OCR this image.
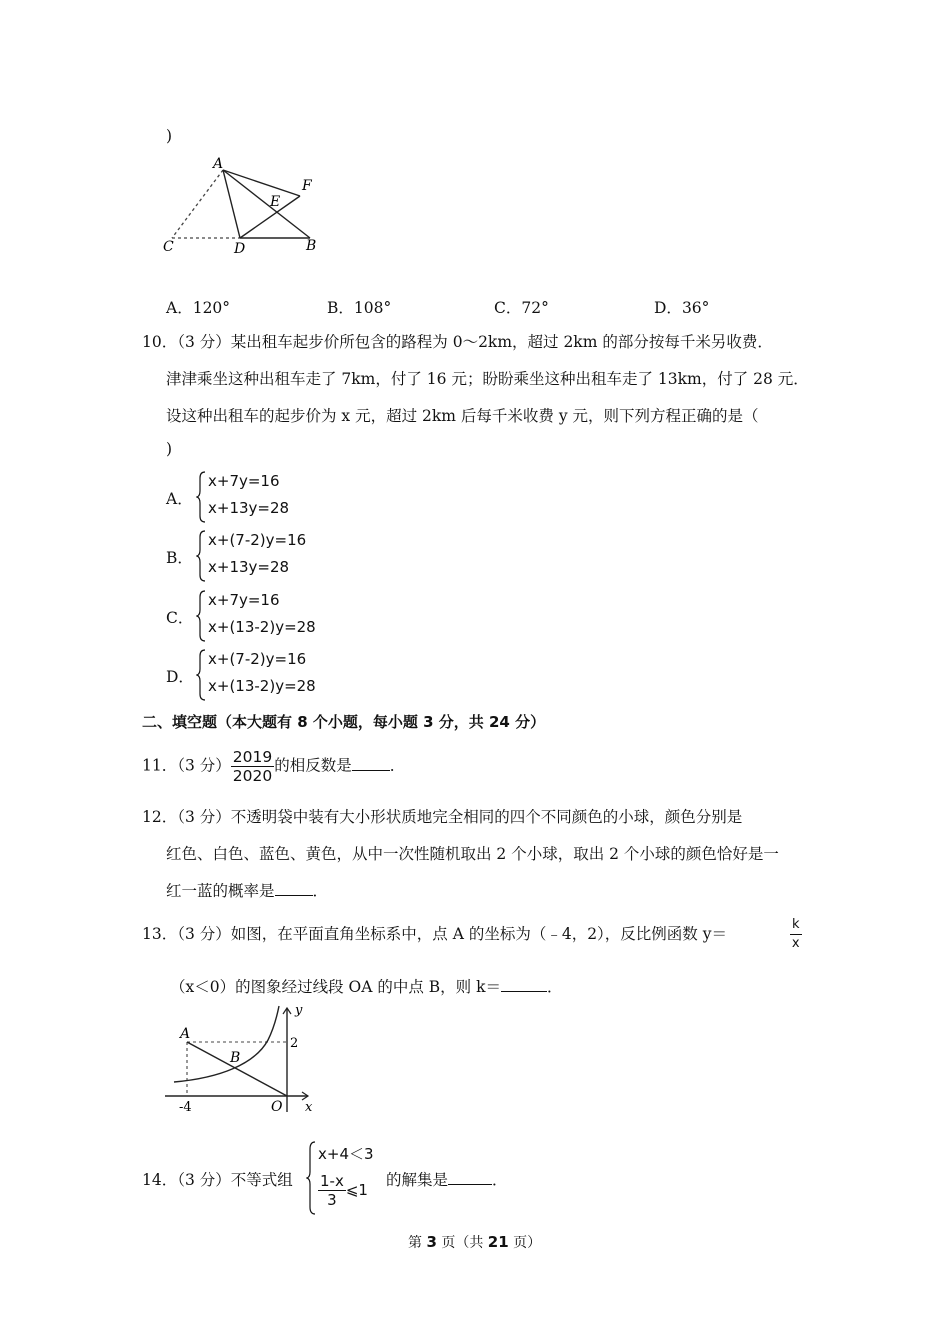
)
A
F
E
C	D	B
A．120°	B．108°	C．72°	D．36°
10．（3 分）某出租车起步价所包含的路程为 0～2km，超过 2km 的部分按每千米另收费．
津津乘坐这种出租车走了 7km，付了 16 元；盼盼乘坐这种出租车走了 13km，付了 28 元．
设这种出租车的起步价为 x 元，超过 2km 后每千米收费 y 元，则下列方程正确的是（
)
A．
x+7y=16
x+13y=28
B．
x+(7-2)y=16
x+13y=28
C．
x+7y=16
x+(13-2)y=28
D．
x+(7-2)y=16
x+(13-2)y=28
二、填空题（本大题有 8 个小题，每小题 3 分，共 24 分）
11．（3 分） $\frac{2019}{2020}$ 的相反数是 ．
12．（3 分）不透明袋中装有大小形状质地完全相同的四个不同颜色的小球，颜色分别是
红色、白色、蓝色、黄色，从中一次性随机取出 2 个小球，取出 2 个小球的颜色恰好是一
红一蓝的概率是 ．
13．（3 分）如图，在平面直角坐标系中，点 A 的坐标为（﹣4，2），反比例函数 y＝	$\frac{k}{x}$
（x＜0）的图象经过线段 OA 的中点 B，则 k＝	．
A
B
y
2
-4	O x
14．（3 分）不等式组
x+4＜3
$\frac{1-x}{3}$ ⩽1
的解集是	．
第 3 页（共 21 页）
